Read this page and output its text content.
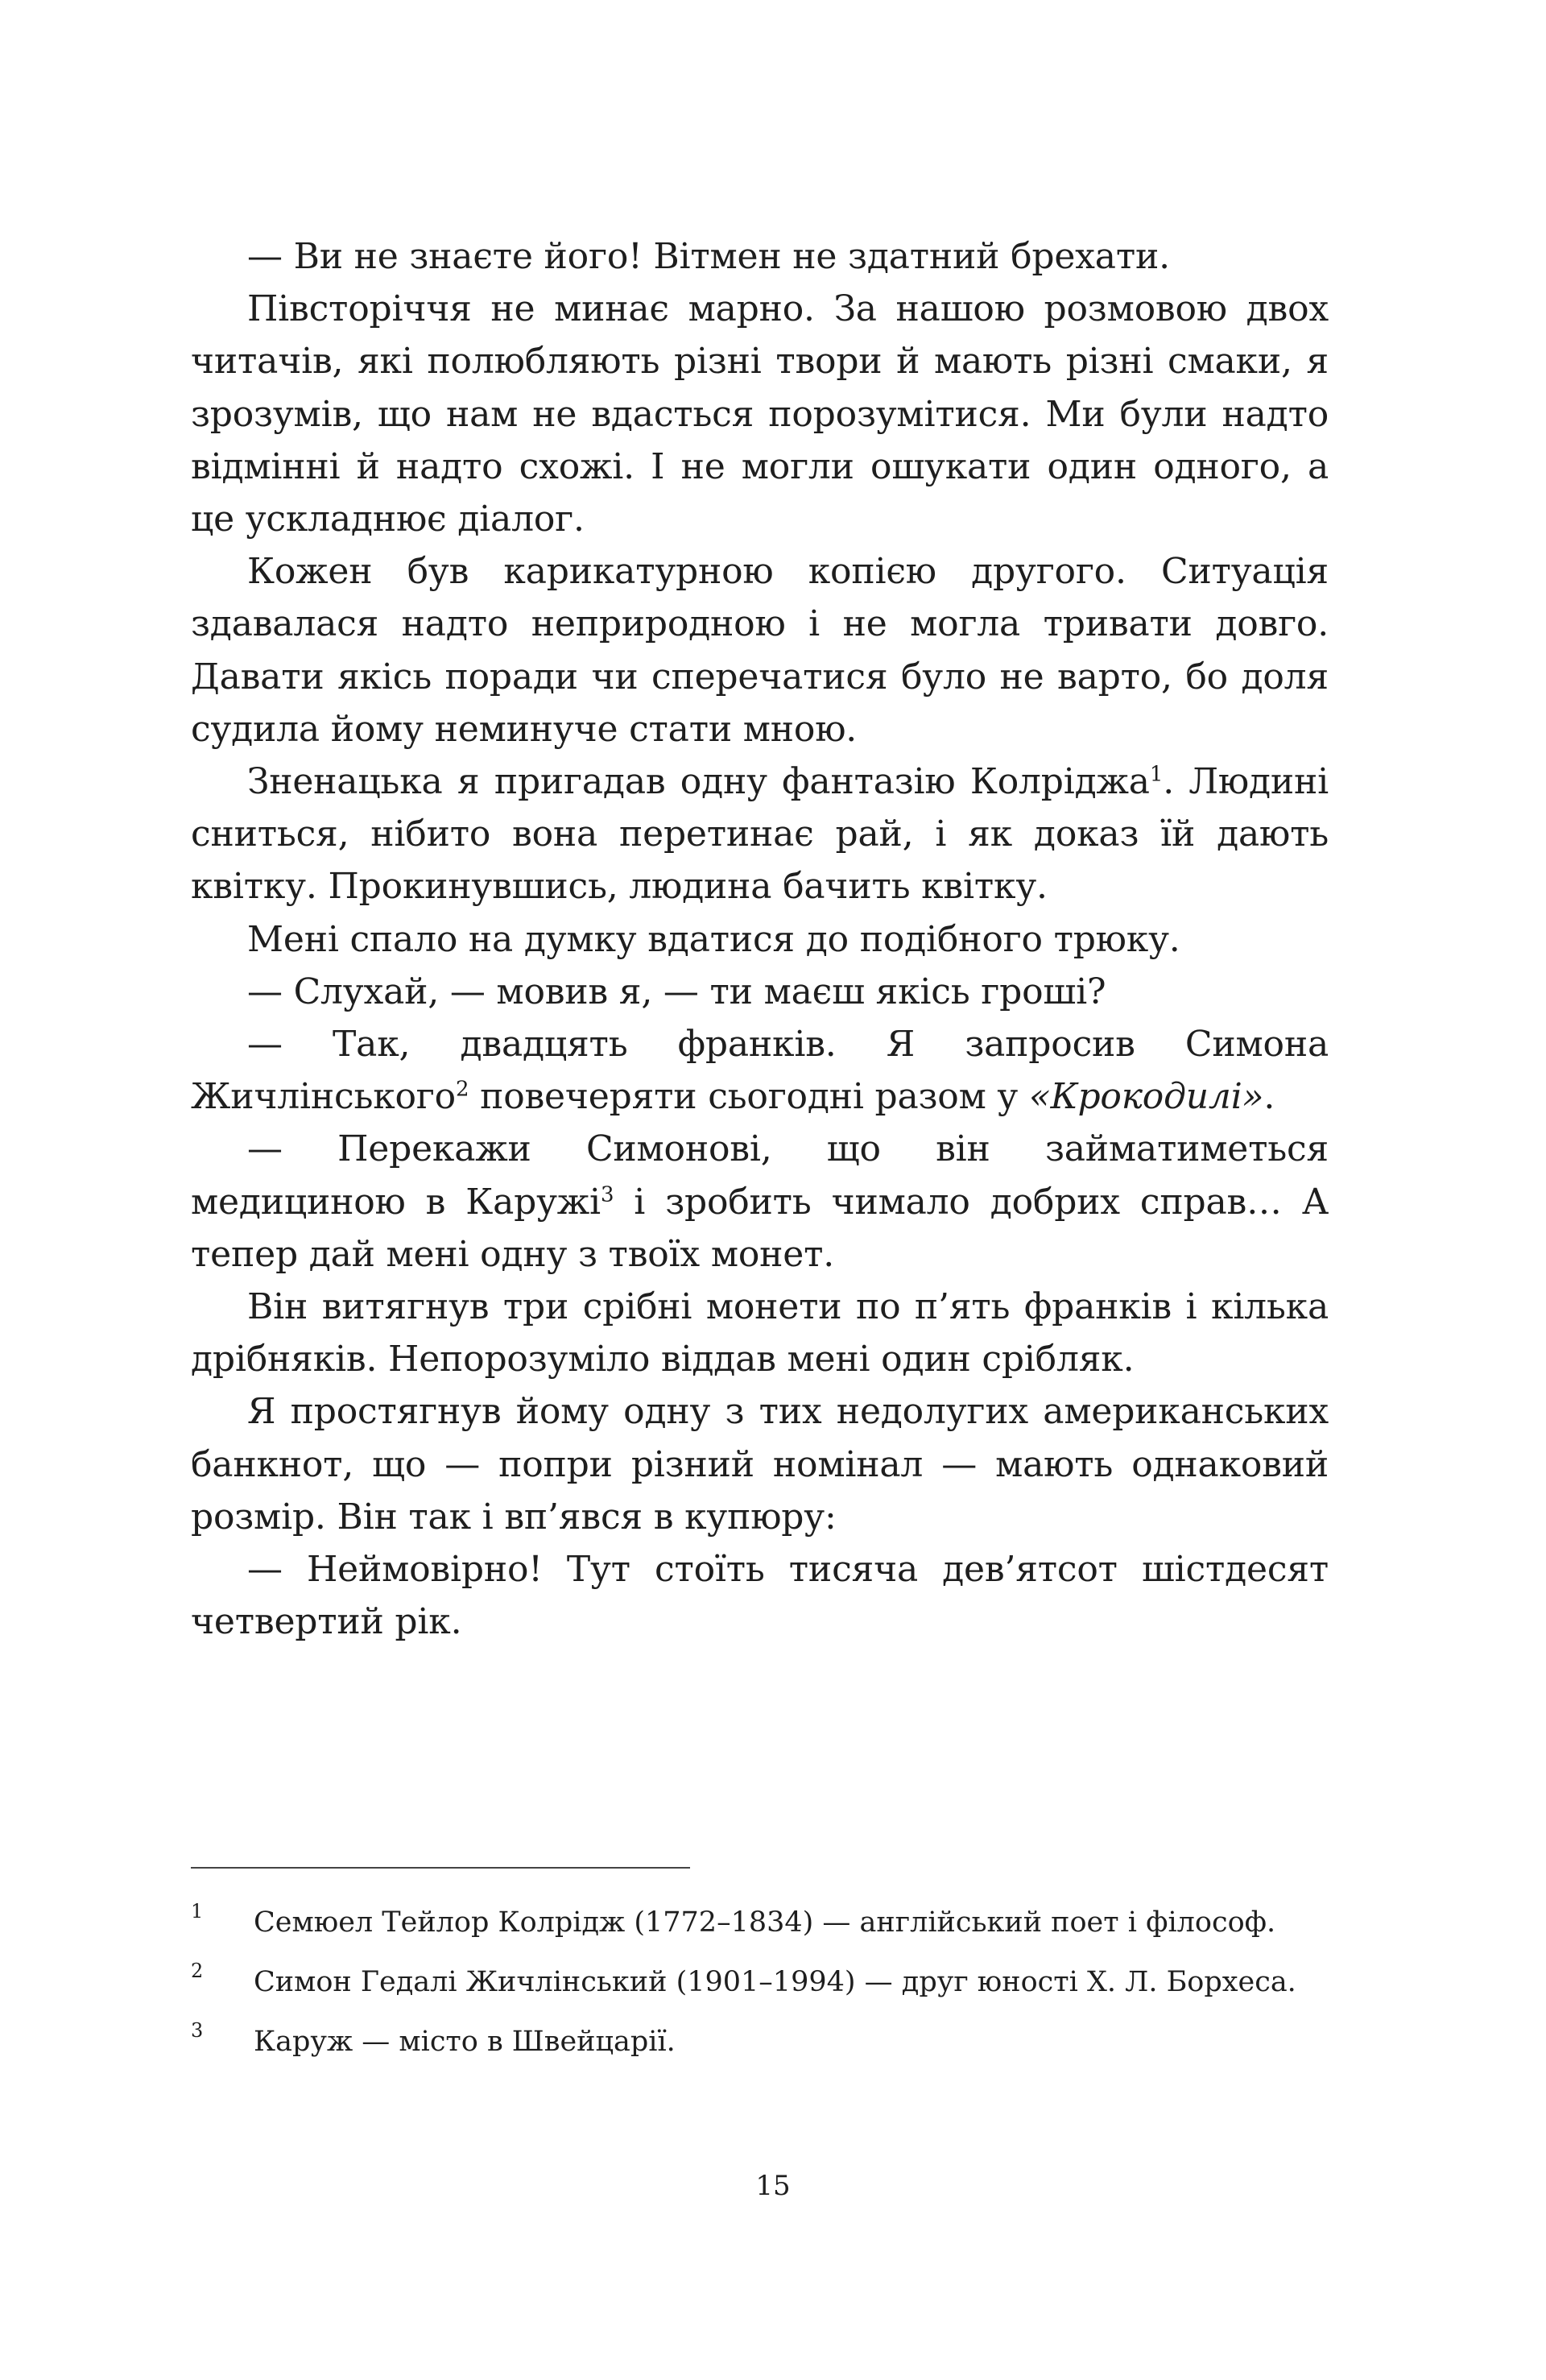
— Ви не знаєте його! Вітмен не здатний брехати.

Півсторіччя не минає марно. За нашою розмовою двох читачів, які полюбляють різні твори й мають різні смаки, я зрозумів, що нам не вдасться порозумітися. Ми були надто відмінні й надто схожі. І не могли ошукати один одного, а це ускладнює діалог.

Кожен був карикатурною копією другого. Ситуація здавалася надто неприродною і не могла тривати довго. Давати якісь поради чи сперечатися було не варто, бо доля судила йому неминуче стати мною.

Зненацька я пригадав одну фантазію Колріджа$^1$. Людині сниться, нібито вона перетинає рай, і як доказ їй дають квітку. Прокинувшись, людина бачить квітку.

Мені спало на думку вдатися до подібного трюку.

— Слухай, — мовив я, — ти маєш якісь гроші?

— Так, двадцять франків. Я запросив Симона Жичлінського$^2$ повечеряти сьогодні разом у «Крокодилі».

— Перекажи Симонові, що він займатиметься медициною в Каружі$^3$ і зробить чимало добрих справ… А тепер дай мені одну з твоїх монет.

Він витягнув три срібні монети по п’ять франків і кілька дрібняків. Непорозуміло віддав мені один срібляк.

Я простягнув йому одну з тих недолугих американських банкнот, що — попри різний номінал — мають однаковий розмір. Він так і вп’явся в купюру:

— Неймовірно! Тут стоїть тисяча дев’ятсот шістдесят четвертий рік.

1 Семюел Тейлор Колрідж (1772–1834) — англійський поет і філософ.
2 Симон Гедалі Жичлінський (1901–1994) — друг юності Х. Л. Борхеса.
3 Каруж — місто в Швейцарії.
15
